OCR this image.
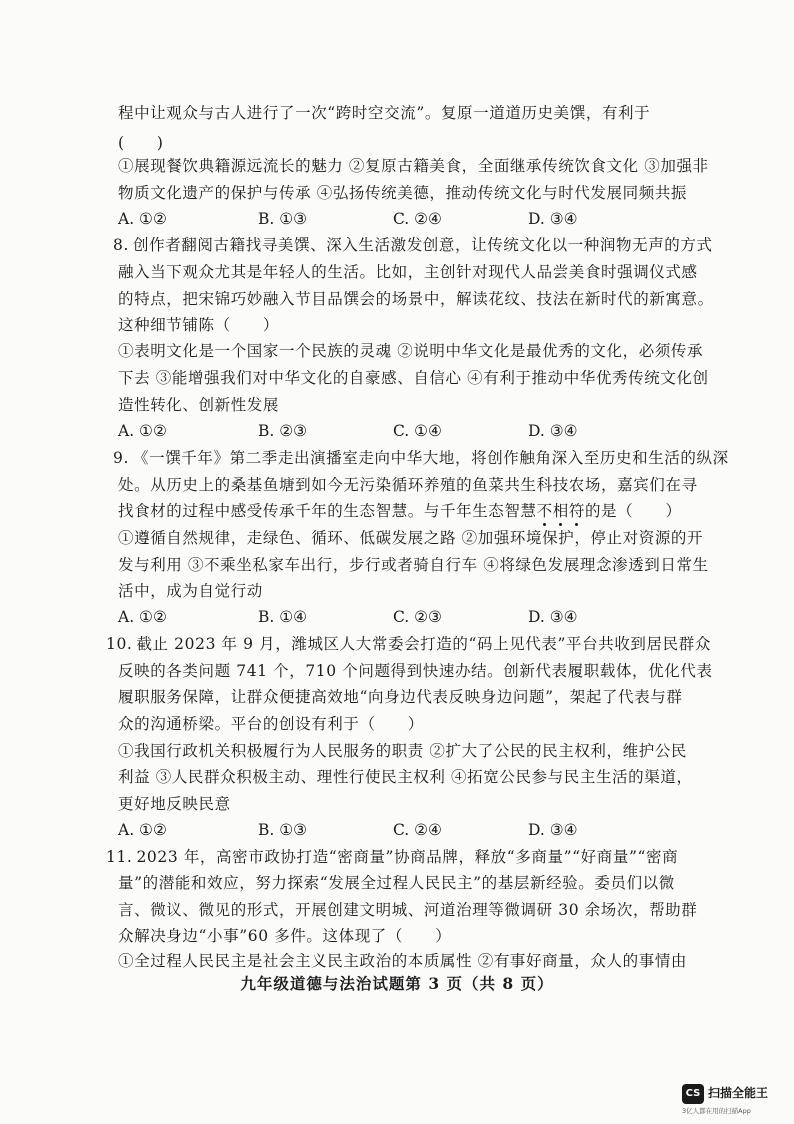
程中让观众与古人进行了一次“跨时空交流”。复原一道道历史美馔，有利于
(　　)
①展现餐饮典籍源远流长的魅力 ②复原古籍美食，全面继承传统饮食文化 ③加强非
物质文化遗产的保护与传承 ④弘扬传统美德，推动传统文化与时代发展同频共振
A. ①②	B. ①③	C. ②④	D. ③④
8. 创作者翻阅古籍找寻美馔、深入生活激发创意，让传统文化以一种润物无声的方式
融入当下观众尤其是年轻人的生活。比如，主创针对现代人品尝美食时强调仪式感
的特点，把宋锦巧妙融入节目品馔会的场景中，解读花纹、技法在新时代的新寓意。
这种细节铺陈（　　）
①表明文化是一个国家一个民族的灵魂 ②说明中华文化是最优秀的文化，必须传承
下去 ③能增强我们对中华文化的自豪感、自信心 ④有利于推动中华优秀传统文化创
造性转化、创新性发展
A. ①②	B. ②③	C. ①④	D. ③④
9. 《一馔千年》第二季走出演播室走向中华大地，将创作触角深入至历史和生活的纵深
处。从历史上的桑基鱼塘到如今无污染循环养殖的鱼菜共生科技农场，嘉宾们在寻
找食材的过程中感受传承千年的生态智慧。与千年生态智慧不相符的是（　　）
①遵循自然规律，走绿色、循环、低碳发展之路 ②加强环境保护，停止对资源的开
发与利用 ③不乘坐私家车出行，步行或者骑自行车 ④将绿色发展理念渗透到日常生
活中，成为自觉行动
A. ①②	B. ①④	C. ②③	D. ③④
10. 截止 2023 年 9 月，潍城区人大常委会打造的“码上见代表”平台共收到居民群众
反映的各类问题 741 个，710 个问题得到快速办结。创新代表履职载体，优化代表
履职服务保障，让群众便捷高效地“向身边代表反映身边问题”，架起了代表与群
众的沟通桥梁。平台的创设有利于（　　）
①我国行政机关积极履行为人民服务的职责 ②扩大了公民的民主权利，维护公民
利益 ③人民群众积极主动、理性行使民主权利 ④拓宽公民参与民主生活的渠道，
更好地反映民意
A. ①②	B. ①③	C. ②④	D. ③④
11. 2023 年，高密市政协打造“密商量”协商品牌，释放“多商量”“好商量”“密商
量”的潜能和效应，努力探索“发展全过程人民民主”的基层新经验。委员们以微
言、微议、微见的形式，开展创建文明城、河道治理等微调研 30 余场次，帮助群
众解决身边“小事”60 多件。这体现了（　　）
①全过程人民民主是社会主义民主政治的本质属性 ②有事好商量，众人的事情由
九年级道德与法治试题第 3 页（共 8 页）
CS 扫描全能王
3亿人都在用的扫描App
